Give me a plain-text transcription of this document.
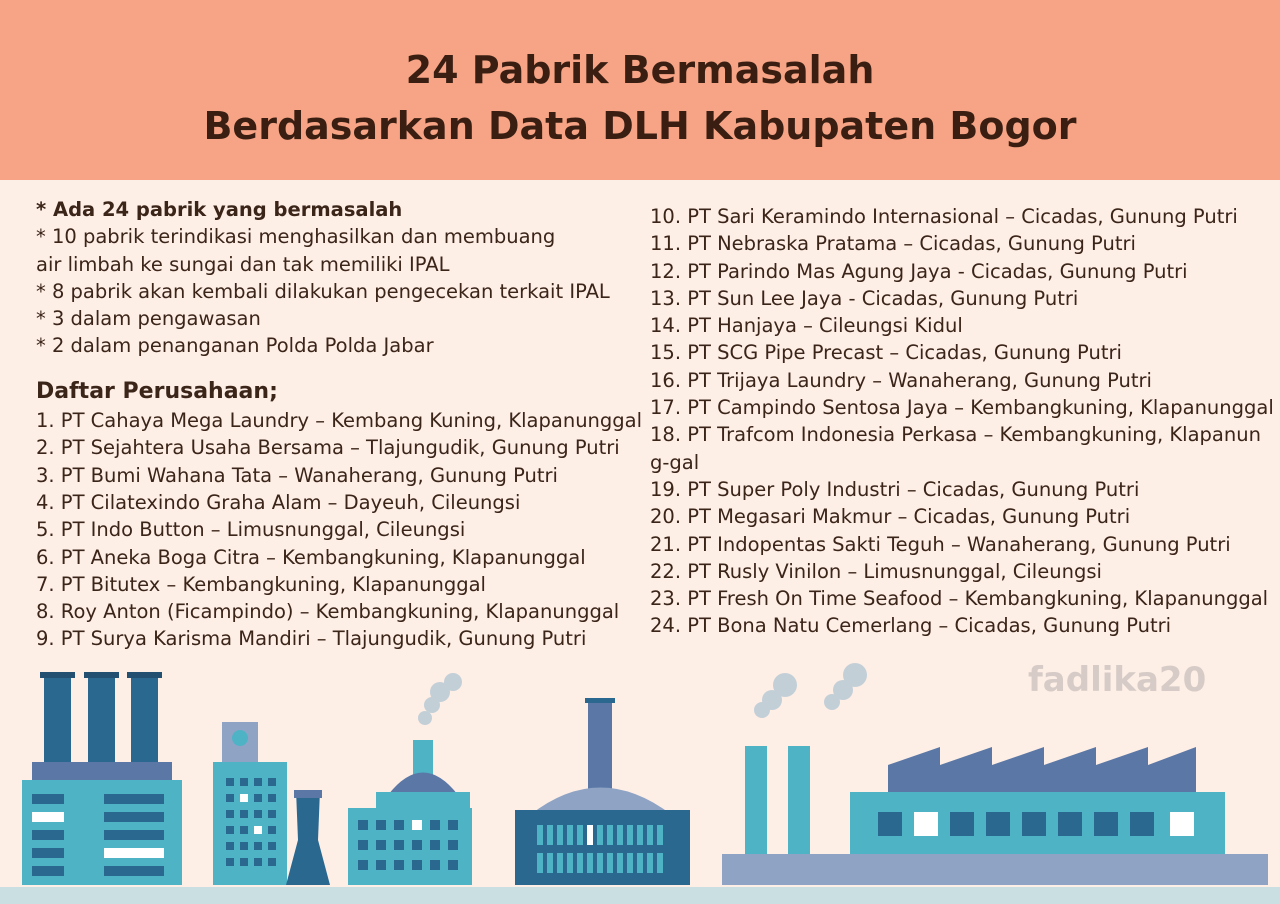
24 Pabrik Bermasalah
Berdasarkan Data DLH Kabupaten Bogor
* Ada 24 pabrik yang bermasalah
* 10 pabrik terindikasi menghasilkan dan membuang
air limbah ke sungai dan tak memiliki IPAL
* 8 pabrik akan kembali dilakukan pengecekan terkait IPAL
* 3 dalam pengawasan
* 2 dalam penanganan Polda Polda Jabar
Daftar Perusahaan;
1. PT Cahaya Mega Laundry – Kembang Kuning, Klapanunggal
2. PT Sejahtera Usaha Bersama – Tlajungudik, Gunung Putri
3. PT Bumi Wahana Tata – Wanaherang, Gunung Putri
4. PT Cilatexindo Graha Alam – Dayeuh, Cileungsi
5. PT Indo Button – Limusnunggal, Cileungsi
6. PT Aneka Boga Citra – Kembangkuning, Klapanunggal
7. PT Bitutex – Kembangkuning, Klapanunggal
8. Roy Anton (Ficampindo) – Kembangkuning, Klapanunggal
9. PT Surya Karisma Mandiri – Tlajungudik, Gunung Putri
10. PT Sari Keramindo Internasional – Cicadas, Gunung Putri
11. PT Nebraska Pratama – Cicadas, Gunung Putri
12. PT Parindo Mas Agung Jaya - Cicadas, Gunung Putri
13. PT Sun Lee Jaya - Cicadas, Gunung Putri
14. PT Hanjaya – Cileungsi Kidul
15. PT SCG Pipe Precast – Cicadas, Gunung Putri
16. PT Trijaya Laundry – Wanaherang, Gunung Putri
17. PT Campindo Sentosa Jaya – Kembangkuning, Klapanunggal
18. PT Trafcom Indonesia Perkasa – Kembangkuning, Klapanung-gal
19. PT Super Poly Industri – Cicadas, Gunung Putri
20. PT Megasari Makmur – Cicadas, Gunung Putri
21. PT Indopentas Sakti Teguh – Wanaherang, Gunung Putri
22. PT Rusly Vinilon – Limusnunggal, Cileungsi
23. PT Fresh On Time Seafood – Kembangkuning, Klapanunggal
24. PT Bona Natu Cemerlang – Cicadas, Gunung Putri
fadlika20
